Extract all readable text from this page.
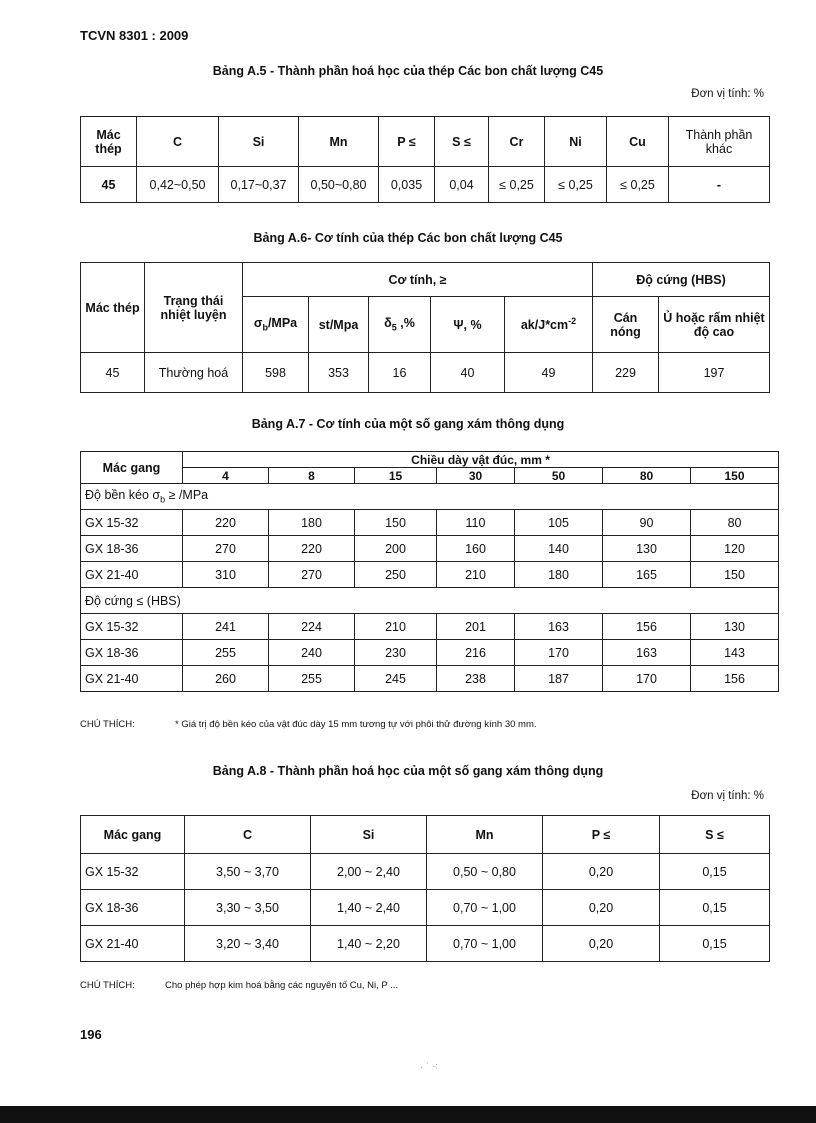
TCVN 8301 : 2009
Bảng A.5 - Thành phần hoá học của thép Các bon chất lượng C45
Đơn vị tính: %
Mác thép	C	Si	Mn	P ≤	S ≤	Cr	Ni	Cu	Thành phần khác
45	0,42~0,50	0,17~0,37	0,50~0,80	0,035	0,04	≤ 0,25	≤ 0,25	≤ 0,25	-
Bảng A.6- Cơ tính của thép Các bon chất lượng C45
Mác thép	Trạng thái nhiệt luyện	Cơ tính, ≥					Độ cứng (HBS)	
		$\sigma_b$/MPa	st/Mpa	$\delta_5$ ,%	Ψ, %	$ak/J*cm^{-2}$	Cán nóng	Ủ hoặc rấm nhiệt độ cao
45	Thường hoá	598	353	16	40	49	229	197
Bảng A.7 - Cơ tính của một số gang xám thông dụng
Mác gang	Chiều dày vật đúc, mm *						
	4	8	15	30	50	80	150
Độ bền kéo $\sigma_b \ge /MPa$							
GX 15-32	220	180	150	110	105	90	80
GX 18-36	270	220	200	160	140	130	120
GX 21-40	310	270	250	210	180	165	150
Độ cứng ≤ (HBS)							
GX 15-32	241	224	210	201	163	156	130
GX 18-36	255	240	230	216	170	163	143
GX 21-40	260	255	245	238	187	170	156
CHÚ THÍCH:	* Giá trị độ bền kéo của vật đúc dày 15 mm tương tự với phôi thử đường kính 30 mm.
Bảng A.8 - Thành phần hoá học của một số gang xám thông dụng
Đơn vị tính: %
Mác gang	C	Si	Mn	P ≤	S ≤
GX 15-32	3,50 ~ 3,70	2,00 ~ 2,40	0,50 ~ 0,80	0,20	0,15
GX 18-36	3,30 ~ 3,50	1,40 ~ 2,40	0,70 ~ 1,00	0,20	0,15
GX 21-40	3,20 ~ 3,40	1,40 ~ 2,20	0,70 ~ 1,00	0,20	0,15
CHÚ THÍCH:	Cho phép hợp kim hoá bằng các nguyên tố Cu, Ni, P ...
196
· ˙ ⁖
